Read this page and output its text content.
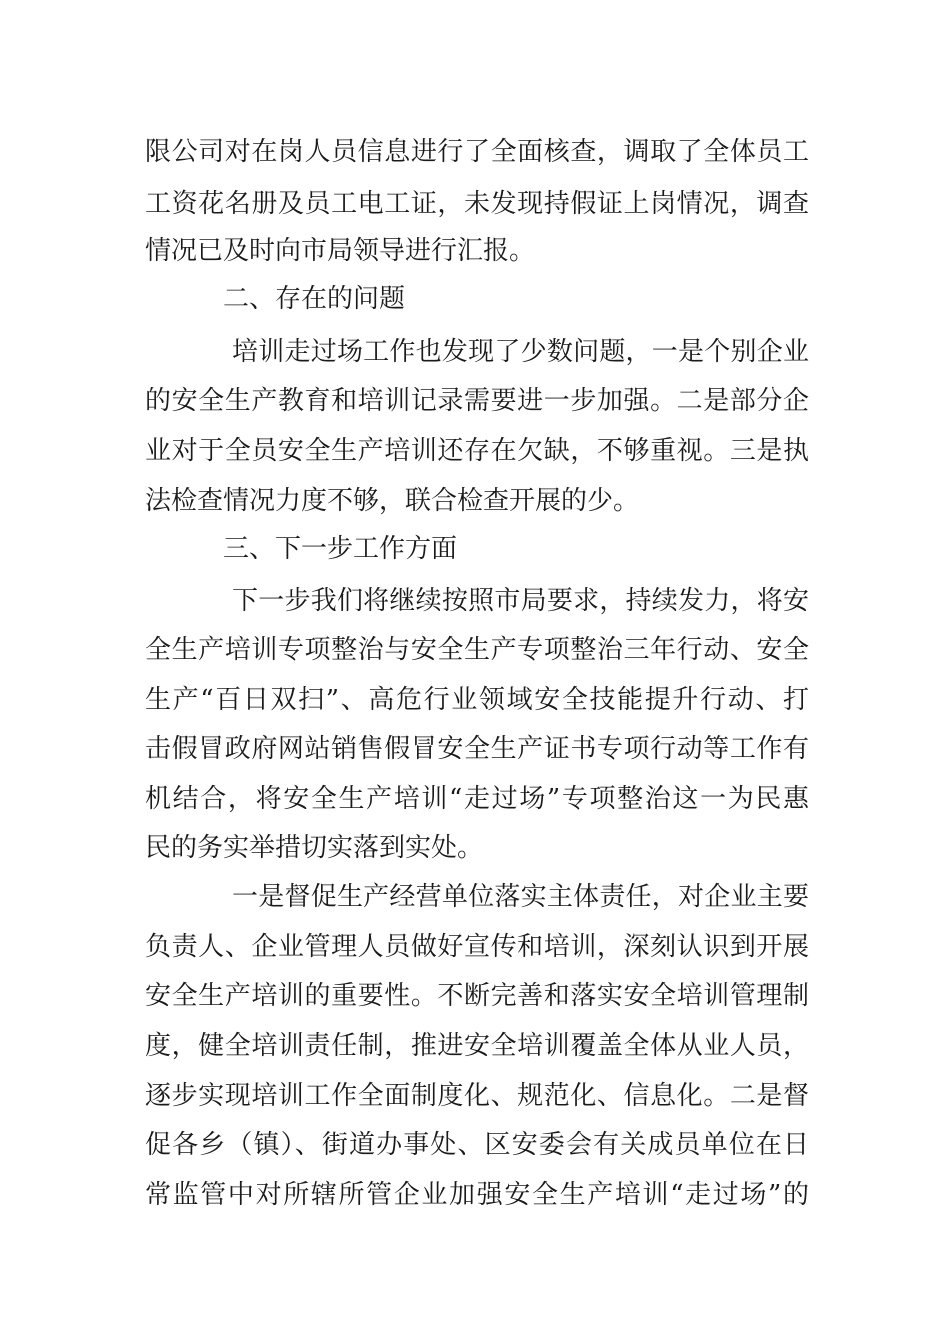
限公司对在岗人员信息进行了全面核查，调取了全体员工
工资花名册及员工电工证，未发现持假证上岗情况，调查
情况已及时向市局领导进行汇报。
二、存在的问题
培训走过场工作也发现了少数问题，一是个别企业
的安全生产教育和培训记录需要进一步加强。二是部分企
业对于全员安全生产培训还存在欠缺，不够重视。三是执
法检查情况力度不够，联合检查开展的少。
三、下一步工作方面
下一步我们将继续按照市局要求，持续发力，将安
全生产培训专项整治与安全生产专项整治三年行动、安全
生产“百日双扫”、高危行业领域安全技能提升行动、打
击假冒政府网站销售假冒安全生产证书专项行动等工作有
机结合，将安全生产培训“走过场”专项整治这一为民惠
民的务实举措切实落到实处。
一是督促生产经营单位落实主体责任，对企业主要
负责人、企业管理人员做好宣传和培训，深刻认识到开展
安全生产培训的重要性。不断完善和落实安全培训管理制
度，健全培训责任制，推进安全培训覆盖全体从业人员，
逐步实现培训工作全面制度化、规范化、信息化。二是督
促各乡（镇）、街道办事处、区安委会有关成员单位在日
常监管中对所辖所管企业加强安全生产培训“走过场”的
